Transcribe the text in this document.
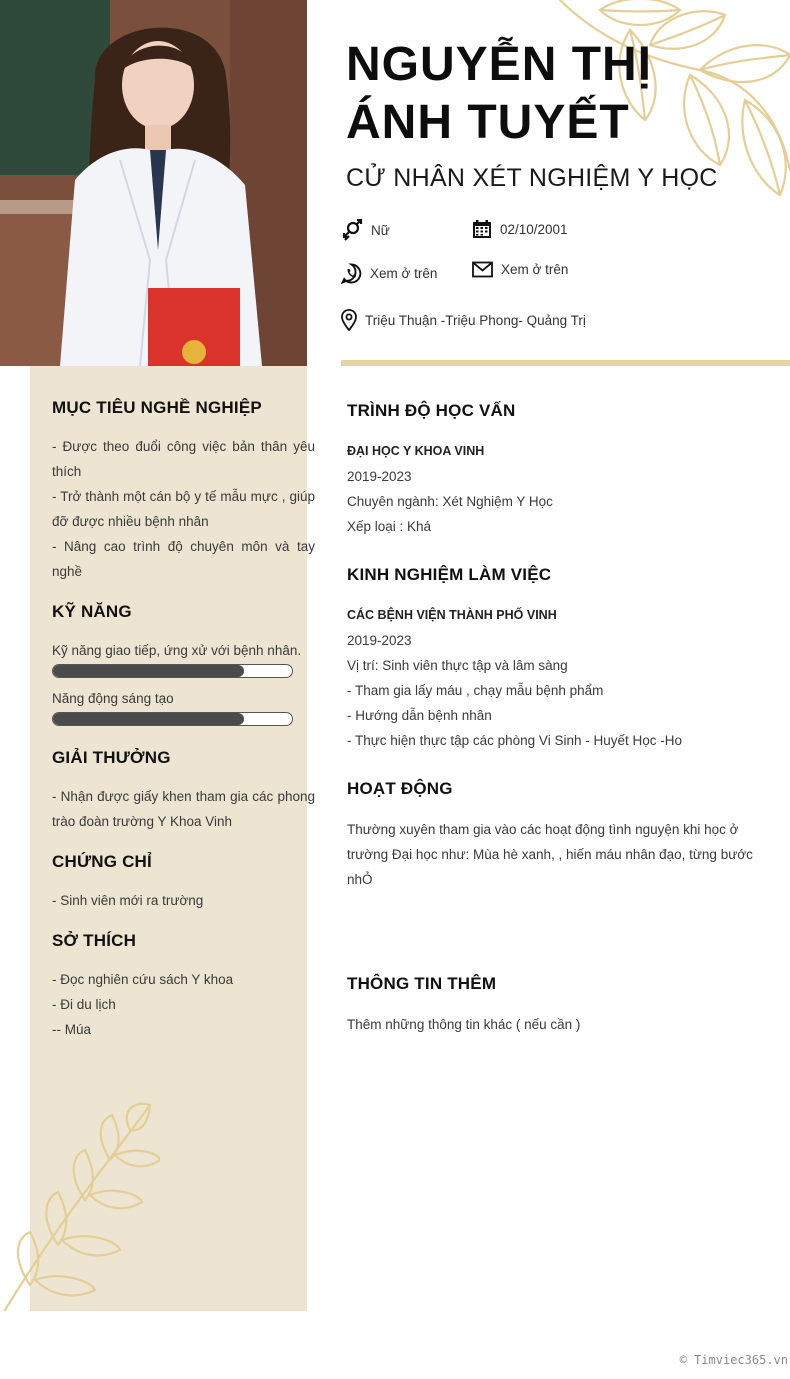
NGUYỄN THỊ
ÁNH TUYẾT
CỬ NHÂN XÉT NGHIỆM Y HỌC
Nữ	02/10/2001
Xem ở trên	Xem ở trên
Triệu Thuận -Triệu Phong- Quảng Trị
MỤC TIÊU NGHỀ NGHIỆP
- Được theo đuổi công việc bản thân yêu thích
- Trở thành một cán bộ y tế mẫu mực , giúp đỡ được nhiều bệnh nhân
- Nâng cao trình độ chuyên môn và tay nghề
KỸ NĂNG
Kỹ năng giao tiếp, ứng xử với bệnh nhân.
Năng động sáng tạo
GIẢI THƯỞNG
- Nhận được giấy khen tham gia các phong trào đoàn trường Y Khoa Vinh
CHỨNG CHỈ
- Sinh viên mới ra trường
SỞ THÍCH
- Đọc nghiên cứu sách Y khoa
- Đi du lịch
-- Múa
TRÌNH ĐỘ HỌC VẤN
ĐẠI HỌC Y KHOA VINH
2019-2023
Chuyên ngành: Xét Nghiệm Y Học
Xếp loại : Khá
KINH NGHIỆM LÀM VIỆC
CÁC BỆNH VIỆN THÀNH PHỐ VINH
2019-2023
Vị trí: Sinh viên thực tập và lâm sàng
- Tham gia lấy máu , chạy mẫu bệnh phẩm
- Hướng dẫn bệnh nhân
- Thực hiện thực tập các phòng Vi Sinh - Huyết Học -Ho
HOẠT ĐỘNG
Thường xuyên tham gia vào các hoạt động tình nguyện khi học ở trường Đại học như: Mùa hè xanh, , hiến máu nhân đạo, từng bước nhỎ
THÔNG TIN THÊM
Thêm những thông tin khác ( nếu cần )
© Timviec365.vn
